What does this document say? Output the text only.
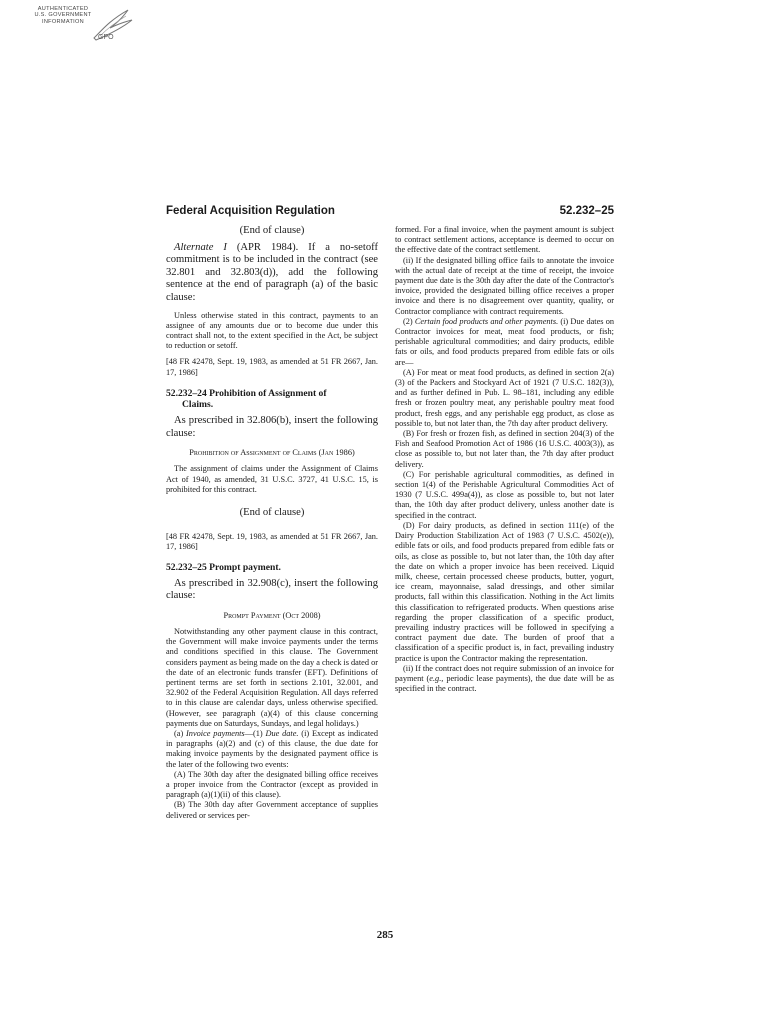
AUTHENTICATED
U.S. GOVERNMENT
INFORMATION
GPO
Federal Acquisition Regulation	52.232–25

(End of clause)

Alternate I (APR 1984). If a no-setoff commitment is to be included in the contract (see 32.801 and 32.803(d)), add the following sentence at the end of paragraph (a) of the basic clause:

Unless otherwise stated in this contract, payments to an assignee of any amounts due or to become due under this contract shall not, to the extent specified in the Act, be subject to reduction or setoff.

[48 FR 42478, Sept. 19, 1983, as amended at 51 FR 2667, Jan. 17, 1986]

52.232–24 Prohibition of Assignment of
Claims.

As prescribed in 32.806(b), insert the following clause:

Prohibition of Assignment of Claims (Jan 1986)

The assignment of claims under the Assignment of Claims Act of 1940, as amended, 31 U.S.C. 3727, 41 U.S.C. 15, is prohibited for this contract.

(End of clause)

[48 FR 42478, Sept. 19, 1983, as amended at 51 FR 2667, Jan. 17, 1986]

52.232–25 Prompt payment.

As prescribed in 32.908(c), insert the following clause:

Prompt Payment (Oct 2008)

Notwithstanding any other payment clause in this contract, the Government will make invoice payments under the terms and conditions specified in this clause. The Government considers payment as being made on the day a check is dated or the date of an electronic funds transfer (EFT). Definitions of pertinent terms are set forth in sections 2.101, 32.001, and 32.902 of the Federal Acquisition Regulation. All days referred to in this clause are calendar days, unless otherwise specified. (However, see paragraph (a)(4) of this clause concerning payments due on Saturdays, Sundays, and legal holidays.)

(a) Invoice payments—(1) Due date. (i) Except as indicated in paragraphs (a)(2) and (c) of this clause, the due date for making invoice payments by the designated payment office is the later of the following two events:

(A) The 30th day after the designated billing office receives a proper invoice from the Contractor (except as provided in paragraph (a)(1)(ii) of this clause).

(B) The 30th day after Government acceptance of supplies delivered or services per-

formed. For a final invoice, when the payment amount is subject to contract settlement actions, acceptance is deemed to occur on the effective date of the contract settlement.

(ii) If the designated billing office fails to annotate the invoice with the actual date of receipt at the time of receipt, the invoice payment due date is the 30th day after the date of the Contractor's invoice, provided the designated billing office receives a proper invoice and there is no disagreement over quantity, quality, or Contractor compliance with contract requirements.

(2) Certain food products and other payments. (i) Due dates on Contractor invoices for meat, meat food products, or fish; perishable agricultural commodities; and dairy products, edible fats or oils, and food products prepared from edible fats or oils are—

(A) For meat or meat food products, as defined in section 2(a)(3) of the Packers and Stockyard Act of 1921 (7 U.S.C. 182(3)), and as further defined in Pub. L. 98–181, including any edible fresh or frozen poultry meat, any perishable poultry meat food product, fresh eggs, and any perishable egg product, as close as possible to, but not later than, the 7th day after product delivery.

(B) For fresh or frozen fish, as defined in section 204(3) of the Fish and Seafood Promotion Act of 1986 (16 U.S.C. 4003(3)), as close as possible to, but not later than, the 7th day after product delivery.

(C) For perishable agricultural commodities, as defined in section 1(4) of the Perishable Agricultural Commodities Act of 1930 (7 U.S.C. 499a(4)), as close as possible to, but not later than, the 10th day after product delivery, unless another date is specified in the contract.

(D) For dairy products, as defined in section 111(e) of the Dairy Production Stabilization Act of 1983 (7 U.S.C. 4502(e)), edible fats or oils, and food products prepared from edible fats or oils, as close as possible to, but not later than, the 10th day after the date on which a proper invoice has been received. Liquid milk, cheese, certain processed cheese products, butter, yogurt, ice cream, mayonnaise, salad dressings, and other similar products, fall within this classification. Nothing in the Act limits this classification to refrigerated products. When questions arise regarding the proper classification of a specific product, prevailing industry practices will be followed in specifying a contract payment due date. The burden of proof that a classification of a specific product is, in fact, prevailing industry practice is upon the Contractor making the representation.

(ii) If the contract does not require submission of an invoice for payment (e.g., periodic lease payments), the due date will be as specified in the contract.

285
